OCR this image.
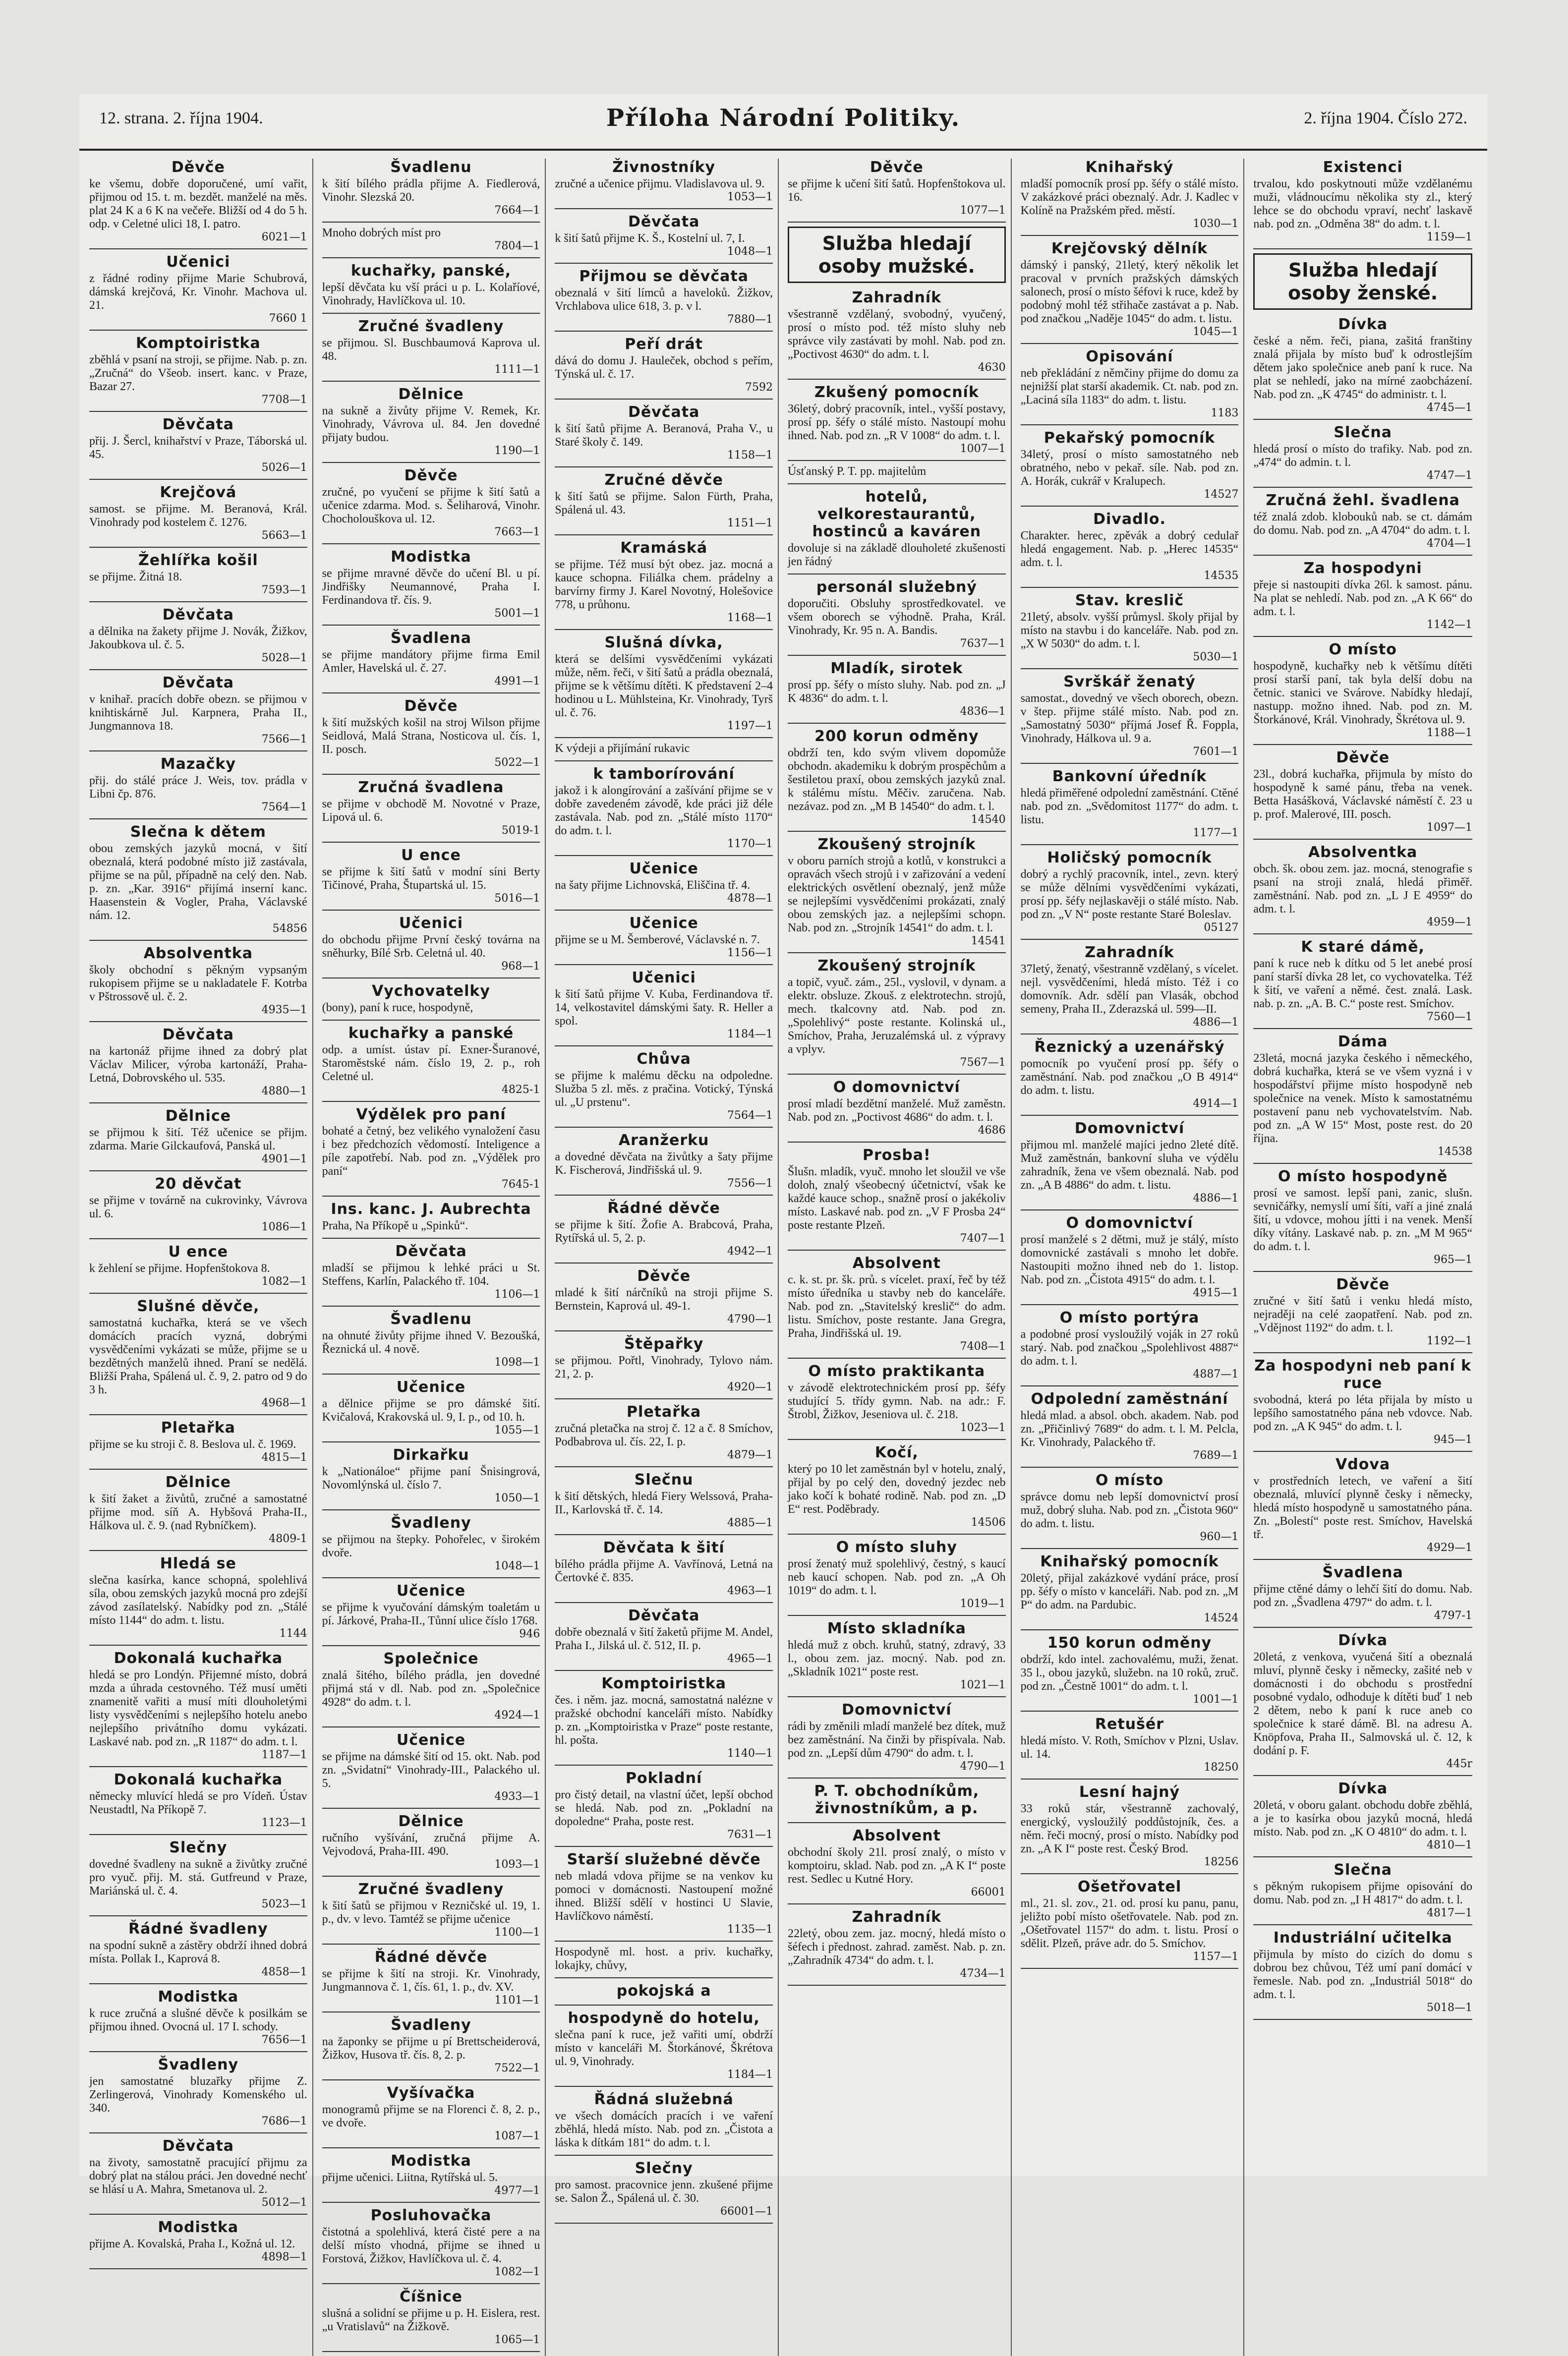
12. strana. 2. října 1904.	Příloha Národní Politiky.	2. října 1904. Číslo 272.
Děvče

ke všemu, dobře doporučené, umí vařit, přijmou od 15. t. m. bezdět. manželé na měs. plat 24 K a 6 K na večeře. Bližší od 4 do 5 h. odp. v Celetné ulici 18, I. patro.

6021—1
Učenici

z řádné rodiny přijme Marie Schubrová, dámská krejčová, Kr. Vinohr. Machova ul. 21.

7660 1
Komptoiristka

zběhlá v psaní na stroji, se přijme. Nab. p. zn. „Zručná“ do Všeob. insert. kanc. v Praze, Bazar 27.

7708—1
Děvčata

přij. J. Šercl, knihařství v Praze, Táborská ul. 45.

5026—1
Krejčová

samost. se přijme. M. Beranová, Král. Vinohrady pod kostelem č. 1276.

5663—1
Žehlířka košil

se přijme. Žitná 18.

7593—1
Děvčata

a dělnika na žakety přijme J. Novák, Žižkov, Jakoubkova ul. č. 5.

5028—1
Děvčata

v knihař. pracích dobře obezn. se přijmou v knihtiskárně Jul. Karpnera, Praha II., Jungmannova 18.

7566—1
Mazačky

přij. do stálé práce J. Weis, tov. prádla v Libni čp. 876.

7564—1
Slečna k dětem

obou zemských jazyků mocná, v šití obeznalá, která podobné místo již zastávala, přijme se na půl, případně na celý den. Nab. p. zn. „Kar. 3916“ přijímá inserní kanc. Haasenstein & Vogler, Praha, Václavské nám. 12.

54856
Absolventka

školy obchodní s pěkným vypsaným rukopisem přijme se u nakladatele F. Kotrba v Pštrossově ul. č. 2.

4935—1
Děvčata

na kartonáž přijme ihned za dobrý plat Václav Milicer, výroba kartonáží, Praha-Letná, Dobrovského ul. 535.

4880—1
Dělnice

se přijmou k šití. Též učenice se přijm. zdarma. Marie Gilckaufová, Panská ul.

4901—1
20 děvčat

se přijme v továrně na cukrovinky, Vávrova ul. 6.

1086—1
U ence

k žehlení se přijme. Hopfenštokova 8.

1082—1
Slušné děvče,

samostatná kuchařka, která se ve všech domácích pracích vyzná, dobrými vysvědčeními vykázati se může, přijme se u bezdětných manželů ihned. Praní se nedělá. Bližší Praha, Spálená ul. č. 9, 2. patro od 9 do 3 h.

4968—1
Pletařka

přijme se ku stroji č. 8. Beslova ul. č. 1969.

4815—1
Dělnice

k šití žaket a živůtů, zručné a samostatné přijme mod. síň A. Hybšová Praha-II., Hálkova ul. č. 9. (nad Rybníčkem).

4809-1
Hledá se

slečna kasírka, kance schopná, spolehlivá síla, obou zemských jazyků mocná pro zdejší závod zasílatelský. Nabídky pod zn. „Stálé místo 1144“ do adm. t. listu.

1144
Dokonalá kuchařka

hledá se pro Londýn. Přijemné místo, dobrá mzda a úhrada cestovného. Též musí uměti znamenitě vařiti a musí míti dlouholetými listy vysvědčeními s nejlepšího hotelu anebo nejlepšího privátního domu vykázati. Laskavé nab. pod zn. „R 1187“ do adm. t. l.

1187—1
Dokonalá kuchařka

německy mluvící hledá se pro Vídeň. Ústav Neustadtl, Na Příkopě 7.

1123—1
Slečny

dovedné švadleny na sukně a živůtky zručné pro vyuč. přij. M. stá. Gutfreund v Praze, Mariánská ul. č. 4.

5023—1
Řádné švadleny

na spodní sukně a zástěry obdrží ihned dobrá místa. Pollak I., Kaprová 8.

4858—1
Modistka

k ruce zručná a slušné děvče k posilkám se přijmou ihned. Ovocná ul. 17 I. schody.

7656—1
Švadleny

jen samostatné bluzařky přijme Z. Zerlingerová, Vinohrady Komenského ul. 340.

7686—1
Děvčata

na životy, samostatně pracující přijmu za dobrý plat na stálou práci. Jen dovedné nechť se hlásí u A. Mahra, Smetanova ul. 2.

5012—1
Modistka

přijme A. Kovalská, Praha I., Kožná ul. 12.

4898—1
Švadlenu

k šití bílého prádla přijme A. Fiedlerová, Vinohr. Slezská 20.

7664—1

Mnoho dobrých míst pro

7804—1
kuchařky, panské,

lepší děvčata ku vší práci u p. L. Kolaříové, Vinohrady, Havlíčkova ul. 10.

Zručné švadleny

se přijmou. Sl. Buschbaumová Kaprova ul. 48.

1111—1
Dělnice

na sukně a živůty přijme V. Remek, Kr. Vinohrady, Vávrova ul. 84. Jen dovedné přijaty budou.

1190—1
Děvče

zručné, po vyučení se přijme k šití šatů a učenice zdarma. Mod. s. Šeliharová, Vinohr. Chocholouškova ul. 12.

7663—1
Modistka

se přijme mravné děvče do učení Bl. u pí. Jindřišky Neumannové, Praha I. Ferdinandova tř. čís. 9.

5001—1
Švadlena

se přijme mandátory přijme firma Emil Amler, Havelská ul. č. 27.

4991—1
Děvče

k šití mužských košil na stroj Wilson přijme Seidlová, Malá Strana, Nosticova ul. čís. 1, II. posch.

5022—1
Zručná švadlena

se přijme v obchodě M. Novotné v Praze, Lipová ul. 6.

5019-1
U ence

se přijme k šití šatů v modní síni Berty Tičinové, Praha, Štupartská ul. 15.

5016—1
Učenici

do obchodu přijme První český továrna na sněhurky, Bílé Srb. Celetná ul. 40.

968—1
Vychovatelky

(bony), paní k ruce, hospodyně,

kuchařky a panské

odp. a umíst. ústav pí. Exner-Šuranové, Staroměstské nám. číslo 19, 2. p., roh Celetné ul.

4825-1
Výdělek pro paní

bohaté a četný, bez velikého vynaložení času i bez předchozích vědomostí. Inteligence a píle zapotřebí. Nab. pod zn. „Výdělek pro paní“

7645-1
Ins. kanc. J. Aubrechta

Praha, Na Příkopě u „Spinků“.

Děvčata

mladší se přijmou k lehké práci u St. Steffens, Karlín, Palackého tř. 104.

1106—1
Švadlenu

na ohnuté živůty přijme ihned V. Bezoušká, Řeznická ul. 4 nově.

1098—1
Učenice

a dělnice přijme se pro dámské šití. Kvičalová, Krakovská ul. 9, I. p., od 10. h.

1055—1
Dirkařku

k „Nationáloe“ přijme paní Šnisingrová, Novomlýnská ul. číslo 7.

1050—1
Švadleny

se přijmou na štepky. Pohořelec, v širokém dvoře.

1048—1
Učenice

se přijme k vyučování dámským toaletám u pí. Járkové, Praha-II., Tůnní ulice číslo 1768.

946
Společnice

znalá šitého, bílého prádla, jen dovedné přijmá stá v dl. Nab. pod zn. „Společnice 4928“ do adm. t. l.

4924—1
Učenice

se přijme na dámské šití od 15. okt. Nab. pod zn. „Svidatní“ Vinohrady-III., Palackého ul. 5.

4933—1
Dělnice

ručního vyšívání, zručná přijme A. Vejvodová, Praha-III. 490.

1093—1
Zručné švadleny

k šití šatů se přijmou v Rezničské ul. 19, 1. p., dv. v levo. Tamtéž se přijme učenice

1100—1
Řádné děvče

se přijme k šití na stroji. Kr. Vinohrady, Jungmannova č. 1, čís. 61, 1. p., dv. XV.

1101—1
Švadleny

na žaponky se přijme u pí Brettscheiderová, Žižkov, Husova tř. čís. 8, 2. p.

7522—1
Vyšívačka

monogramů přijme se na Florenci č. 8, 2. p., ve dvoře.

1087—1
Modistka

přijme učenici. Liitna, Rytířská ul. 5.

4977—1
Posluhovačka

čistotná a spolehlivá, která čisté pere a na delší místo vhodná, přijme se ihned u Forstová, Žižkov, Havlíčkova ul. č. 4.

1082—1
Číšnice

slušná a solidní se přijme u p. H. Eislera, rest. „u Vratislavů“ na Žižkově.

1065—1
Živnostníky

zručné a učenice přijmu. Vladislavova ul. 9.

1053—1
Děvčata

k šití šatů přijme K. Š., Kostelní ul. 7, I.

1048—1
Přijmou se děvčata

obeznalá v šití límců a haveloků. Žižkov, Vrchlabova ulice 618, 3. p. v l.

7880—1
Peří drát

dává do domu J. Hauleček, obchod s peřím, Týnská ul. č. 17.

7592
Děvčata

k šití šatů přijme A. Beranová, Praha V., u Staré školy č. 149.

1158—1
Zručné děvče

k šití šatů se přijme. Salon Fürth, Praha, Spálená ul. 43.

1151—1
Kramáská

se přijme. Též musí být obez. jaz. mocná a kauce schopna. Filiálka chem. prádelny a barvírny firmy J. Karel Novotný, Holešovice 778, u průhonu.

1168—1
Slušná dívka,

která se delšími vysvědčeními vykázati může, něm. řeči, v šití šatů a prádla obeznalá, přijme se k většímu dítěti. K představení 2–4 hodinou u L. Mühlsteina, Kr. Vinohrady, Tyrš ul. č. 76.

1197—1

K výdeji a přijímání rukavic

k tamborírování

jakož i k alongírování a zašívání přijme se v dobře zavedeném závodě, kde práci již déle zastávala. Nab. pod zn. „Stálé místo 1170“ do adm. t. l.

1170—1
Učenice

na šaty přijme Lichnovská, Eliščina tř. 4.

4878—1
Učenice

přijme se u M. Šemberové, Václavské n. 7.

1156—1
Učenici

k šití šatů přijme V. Kuba, Ferdinandova tř. 14, velkostavitel dámskými šaty. R. Heller a spol.

1184—1
Chůva

se přijme k malému děcku na odpoledne. Služba 5 zl. měs. z pračina. Votický, Týnská ul. „U prstenu“.

7564—1
Aranžerku

a dovedné děvčata na živůtky a šaty přijme K. Fischerová, Jindřišská ul. 9.

7556—1
Řádné děvče

se přijme k šití. Žofie A. Brabcová, Praha, Rytířská ul. 5, 2. p.

4942—1
Děvče

mladé k šití nárčníků na stroji přijme S. Bernstein, Kaprová ul. 49-1.

4790—1
Štěpařky

se přijmou. Pořtl, Vinohrady, Tylovo nám. 21, 2. p.

4920—1
Pletařka

zručná pletačka na stroj č. 12 a č. 8 Smíchov, Podbabrova ul. čís. 22, I. p.

4879—1
Slečnu

k šití dětských, hledá Fiery Welssová, Praha-II., Karlovská tř. č. 14.

4885—1
Děvčata k šití

bílého prádla přijme A. Vavřínová, Letná na Čertovké č. 835.

4963—1
Děvčata

dobře obeznalá v šití žaketů přijme M. Andel, Praha I., Jilská ul. č. 512, II. p.

4965—1
Komptoiristka

čes. i něm. jaz. mocná, samostatná nalézne v pražské obchodní kanceláři místo. Nabídky p. zn. „Komptoiristka v Praze“ poste restante, hl. pošta.

1140—1
Pokladní

pro čistý detail, na vlastní účet, lepší obchod se hledá. Nab. pod zn. „Pokladní na dopoledne“ Praha, poste rest.

7631—1
Starší služebné děvče

neb mladá vdova přijme se na venkov ku pomoci v domácnosti. Nastoupení možné ihned. Bližší sdělí v hostinci U Slavie, Havlíčkovo náměstí.

1135—1

Hospodyně ml. host. a priv. kuchařky, lokajky, chůvy,

pokojská a
hospodyně do hotelu,

slečna paní k ruce, jež vařiti umí, obdrží místo v kanceláři M. Štorkánové, Škrétova ul. 9, Vinohrady.

1184—1
Řádná služebná

ve všech domácích pracích i ve vaření zběhlá, hledá místo. Nab. pod zn. „Čistota a láska k dítkám 181“ do adm. t. l.

Slečny

pro samost. pracovnice jenn. zkušené přijme se. Salon Ž., Spálená ul. č. 30.

66001—1
Děvče

se přijme k učení šití šatů. Hopfenštokova ul. 16.

1077—1
Služba hledají osoby mužské.
Zahradník

všestranně vzdělaný, svobodný, vyučený, prosí o místo pod. též místo sluhy neb správce vily zastávati by mohl. Nab. pod zn. „Poctivost 4630“ do adm. t. l.

4630
Zkušený pomocník

36letý, dobrý pracovník, intel., vyšší postavy, prosí pp. šéfy o stálé místo. Nastoupí mohu ihned. Nab. pod zn. „R V 1008“ do adm. t. l.

1007—1

Úsťanský P. T. pp. majitelům

hotelů, velkorestaurantů, hostinců a kaváren

dovoluje si na základě dlouholeté zkušenosti jen řádný

personál služebný

doporučiti. Obsluhy sprostředkovatel. ve všem oborech se výhodně. Praha, Král. Vinohrady, Kr. 95 n. A. Bandis.

7637—1
Mladík, sirotek

prosí pp. šéfy o místo sluhy. Nab. pod zn. „J K 4836“ do adm. t. l.

4836—1
200 korun odměny

obdrží ten, kdo svým vlivem dopomůže obchodn. akademiku k dobrým prospěchům a šestiletou praxí, obou zemských jazyků znal. k stálému místu. Měčiv. zaručena. Nab. nezávaz. pod zn. „M B 14540“ do adm. t. l.

14540
Zkoušený strojník

v oboru parních strojů a kotlů, v konstrukci a opravách všech strojů i v zařizování a vedení elektrických osvětlení obeznalý, jenž může se nejlepšími vysvědčeními prokázati, znalý obou zemských jaz. a nejlepšími schopn. Nab. pod zn. „Strojník 14541“ do adm. t. l.

14541
Zkoušený strojník

a topič, vyuč. zám., 25l., vyslovil, v dynam. a elektr. obsluze. Zkouš. z elektrotechn. strojů, mech. tkalcovny atd. Nab. pod zn. „Spolehlivý“ poste restante. Kolinská ul., Smíchov, Praha, Jeruzalémská ul. z výpravy a vplyv.

7567—1
O domovnictví

prosí mladí bezdětní manželé. Muž zaměstn. Nab. pod zn. „Poctivost 4686“ do adm. t. l.

4686
Prosba!

Šlušn. mladík, vyuč. mnoho let sloužil ve vše doloh, znalý všeobecný účetnictví, však ke každé kauce schop., snažně prosí o jakékoliv místo. Laskavé nab. pod zn. „V F Prosba 24“ poste restante Plzeň.

7407—1
Absolvent

c. k. st. pr. šk. prů. s vícelet. praxí, řeč by též místo úředníka u stavby neb do kanceláře. Nab. pod zn. „Stavitelský kreslič“ do adm. listu. Smíchov, poste restante. Jana Gregra, Praha, Jindřišská ul. 19.

7408—1
O místo praktikanta

v závodě elektrotechnickém prosí pp. šéfy studující 5. třídy gymn. Nab. na adr.: F. Štrobl, Žižkov, Jeseniova ul. č. 218.

1023—1
Kočí,

který po 10 let zaměstnán byl v hotelu, znalý, přijal by po celý den, dovedný jezdec neb jako kočí k bohaté rodině. Nab. pod zn. „D E“ rest. Poděbrady.

14506
O místo sluhy

prosí ženatý muž spolehlivý, čestný, s kaucí neb kaucí schopen. Nab. pod zn. „A Oh 1019“ do adm. t. l.

1019—1
Místo skladníka

hledá muž z obch. kruhů, statný, zdravý, 33 l., obou zem. jaz. mocný. Nab. pod zn. „Skladník 1021“ poste rest.

1021—1
Domovnictví

rádi by změnili mladí manželé bez dítek, muž bez zaměstnání. Na činži by přispívala. Nab. pod zn. „Lepší dům 4790“ do adm. t. l.

4790—1
P. T. obchodníkům, živnostníkům, a p.
Absolvent

obchodní školy 21l. prosí znalý, o místo v komptoiru, sklad. Nab. pod zn. „A K I“ poste rest. Sedlec u Kutné Hory.

66001
Zahradník

22letý, obou zem. jaz. mocný, hledá místo o šéfech i přednost. zahrad. zaměst. Nab. p. zn. „Zahradník 4734“ do adm. t. l.

4734—1
Knihařský

mladší pomocník prosí pp. šéfy o stálé místo. V zakázkové práci obeznalý. Adr. J. Kadlec v Kolíně na Pražském před. městí.

1030—1
Krejčovský dělník

dámský i panský, 21letý, který několik let pracoval v prvních pražských dámských salonech, prosí o místo šéfovi k ruce, kdež by podobný mohl též střihače zastávat a p. Nab. pod značkou „Naděje 1045“ do adm. t. listu.

1045—1
Opisování

neb překládání z němčiny přijme do domu za nejnižší plat starší akademik. Ct. nab. pod zn. „Laciná síla 1183“ do adm. t. listu.

1183
Pekařský pomocník

34letý, prosí o místo samostatného neb obratného, nebo v pekař. síle. Nab. pod zn. A. Horák, cukrář v Kralupech.

14527
Divadlo.

Charakter. herec, zpěvák a dobrý cedulař hledá engagement. Nab. p. „Herec 14535“ adm. t. l.

14535
Stav. kreslič

21letý, absolv. vyšší průmysl. školy přijal by místo na stavbu i do kanceláře. Nab. pod zn. „X W 5030“ do adm. t. l.

5030—1
Svrškář ženatý

samostat., dovedný ve všech oborech, obezn. v štep. přijme stálé místo. Nab. pod zn. „Samostatný 5030“ příjmá Josef Ř. Foppla, Vinohrady, Hálkova ul. 9 a.

7601—1
Bankovní úředník

hledá přiměřené odpolední zaměstnání. Ctěné nab. pod zn. „Svědomitost 1177“ do adm. t. listu.

1177—1
Holičský pomocník

dobrý a rychlý pracovník, intel., zevn. který se může dělními vysvědčeními vykázati, prosí pp. šéfy nejlaskavěji o stálé místo. Nab. pod zn. „V N“ poste restante Staré Boleslav.

05127
Zahradník

37letý, ženatý, všestranně vzdělaný, s vícelet. nejl. vysvědčeními, hledá místo. Též i co domovník. Adr. sdělí pan Vlasák, obchod semeny, Praha II., Zderazská ul. 599—II.

4886—1
Řeznický a uzenářský

pomocník po vyučení prosí pp. šéfy o zaměstnání. Nab. pod značkou „O B 4914“ do adm. t. listu.

4914—1
Domovnictví

přijmou ml. manželé majíci jedno 2leté dítě. Muž zaměstnán, bankovní sluha ve výdělu zahradník, žena ve všem obeznalá. Nab. pod zn. „A B 4886“ do adm. t. listu.

4886—1
O domovnictví

prosí manželé s 2 dětmi, muž je stálý, místo domovnické zastávali s mnoho let dobře. Nastoupiti možno ihned neb do 1. listop. Nab. pod zn. „Čistota 4915“ do adm. t. l.

4915—1
O místo portýra

a podobné prosí vysloužilý voják in 27 roků starý. Nab. pod značkou „Spolehlivost 4887“ do adm. t. l.

4887—1
Odpolední zaměstnání

hledá mlad. a absol. obch. akadem. Nab. pod zn. „Přičinlivý 7689“ do adm. t. l. M. Pelcla, Kr. Vinohrady, Palackého tř.

7689—1
O místo

správce domu neb lepší domovnictví prosí muž, dobrý sluha. Nab. pod zn. „Čistota 960“ do adm. t. listu.

960—1
Knihařský pomocník

20letý, přijal zakázkové vydání práce, prosí pp. šéfy o místo v kanceláři. Nab. pod zn. „M P“ do adm. na Pardubic.

14524
150 korun odměny

obdrží, kdo intel. zachovalému, muži, ženat. 35 l., obou jazyků, služebn. na 10 roků, zruč. pod zn. „Čestně 1001“ do adm. t. l.

1001—1
Retušér

hledá místo. V. Roth, Smíchov v Plzni, Uslav. ul. 14.

18250
Lesní hajný

33 roků stár, všestranně zachovalý, energický, vysloužilý poddůstojník, čes. a něm. řeči mocný, prosí o místo. Nabídky pod zn. „A K I“ poste rest. Český Brod.

18256
Ošetřovatel

ml., 21. sl. zov., 21. od. prosí ku panu, panu, jeližto pobí místo ošetřovatele. Nab. pod zn. „Ošetřovatel 1157“ do adm. t. listu. Prosí o sdělit. Plzeň, práve adr. do 5. Smíchov.

1157—1
Existenci

trvalou, kdo poskytnouti může vzdělanému muži, vládnoucímu několika sty zl., který lehce se do obchodu vpraví, nechť laskavě nab. pod zn. „Odměna 38“ do adm. t. l.

1159—1
Služba hledají osoby ženské.
Dívka

české a něm. řeči, piana, zašitá franštiny znalá přijala by místo buď k odrostlejším dětem jako společnice aneb paní k ruce. Na plat se nehledí, jako na mírné zaobcházení. Nab. pod zn. „K 4745“ do administr. t. l.

4745—1
Slečna

hledá prosí o místo do trafiky. Nab. pod zn. „474“ do admin. t. l.

4747—1
Zručná žehl. švadlena

též znalá zdob. klobouků nab. se ct. dámám do domu. Nab. pod zn. „A 4704“ do adm. t. l.

4704—1
Za hospodyni

přeje si nastoupiti dívka 26l. k samost. pánu. Na plat se nehledí. Nab. pod zn. „A K 66“ do adm. t. l.

1142—1
O místo

hospodyně, kuchařky neb k většímu dítěti prosí starší paní, tak byla delší dobu na četnic. stanici ve Svárove. Nabídky hledají, nastupp. možno ihned. Nab. pod zn. M. Štorkánové, Král. Vinohrady, Škrétova ul. 9.

1188—1
Děvče

23l., dobrá kuchařka, přijmula by místo do hospodyně k samé pánu, třeba na venek. Betta Hasášková, Václavské náměstí č. 23 u p. prof. Malerové, III. posch.

1097—1
Absolventka

obch. šk. obou zem. jaz. mocná, stenografie s psaní na stroji znalá, hledá přiměř. zaměstnání. Nab. pod zn. „L J E 4959“ do adm. t. l.

4959—1
K staré dámě,

paní k ruce neb k dítku od 5 let anebé prosí paní starší dívka 28 let, co vychovatelka. Též k šití, ve vaření a němé. čest. znalá. Lask. nab. p. zn. „A. B. C.“ poste rest. Smíchov.

7560—1
Dáma

23letá, mocná jazyka českého i německého, dobrá kuchařka, která se ve všem vyzná i v hospodářství přijme místo hospodyně neb společnice na venek. Místo k samostatnému postavení panu neb vychovatelstvím. Nab. pod zn. „A W 15“ Most, poste rest. do 20 října.

14538
O místo hospodyně

prosí ve samost. lepší pani, zanic, slušn. sevničářky, nemyslí umí šíti, vaří a jiné znalá šití, u vdovce, mohou jítti i na venek. Menší díky vítány. Laskavé nab. p. zn. „M M 965“ do adm. t. l.

965—1
Děvče

zručné v šití šatů i venku hledá místo, nejraději na celé zaopatření. Nab. pod zn. „Vdějnost 1192“ do adm. t. l.

1192—1
Za hospodyni neb paní k ruce

svobodná, která po léta přijala by místo u lepšího samostatného pána neb vdovce. Nab. pod zn. „A K 945“ do adm. t. l.

945—1
Vdova

v prostředních letech, ve vaření a šití obeznalá, mluvící plynně česky i německy, hledá místo hospodyně u samostatného pána. Zn. „Bolestí“ poste rest. Smíchov, Havelská tř.

4929—1
Švadlena

přijme ctěné dámy o lehčí šití do domu. Nab. pod zn. „Švadlena 4797“ do adm. t. l.

4797-1
Dívka

20letá, z venkova, vyučená šití a obeznalá mluví, plynně česky i německy, zašité neb v domácnosti i do obchodu s prostřední posobné vydalo, odhoduje k dítěti buď 1 neb 2 dětem, nebo k paní k ruce aneb co společnice k staré dámě. Bl. na adresu A. Knöpfova, Praha II., Salmovská ul. č. 12, k dodání p. F.

445r
Dívka

20letá, v oboru galant. obchodu dobře zběhlá, a je to kasírka obou jazyků mocná, hledá místo. Nab. pod zn. „K O 4810“ do adm. t. l.

4810—1
Slečna

s pěkným rukopisem přijme opisování do domu. Nab. pod zn. „I H 4817“ do adm. t. l.

4817—1
Industriální učitelka

přijmula by místo do cizích do domu s dobrou bez chůvou, Též umí paní domácí v řemesle. Nab. pod zn. „Industriál 5018“ do adm. t. l.

5018—1
